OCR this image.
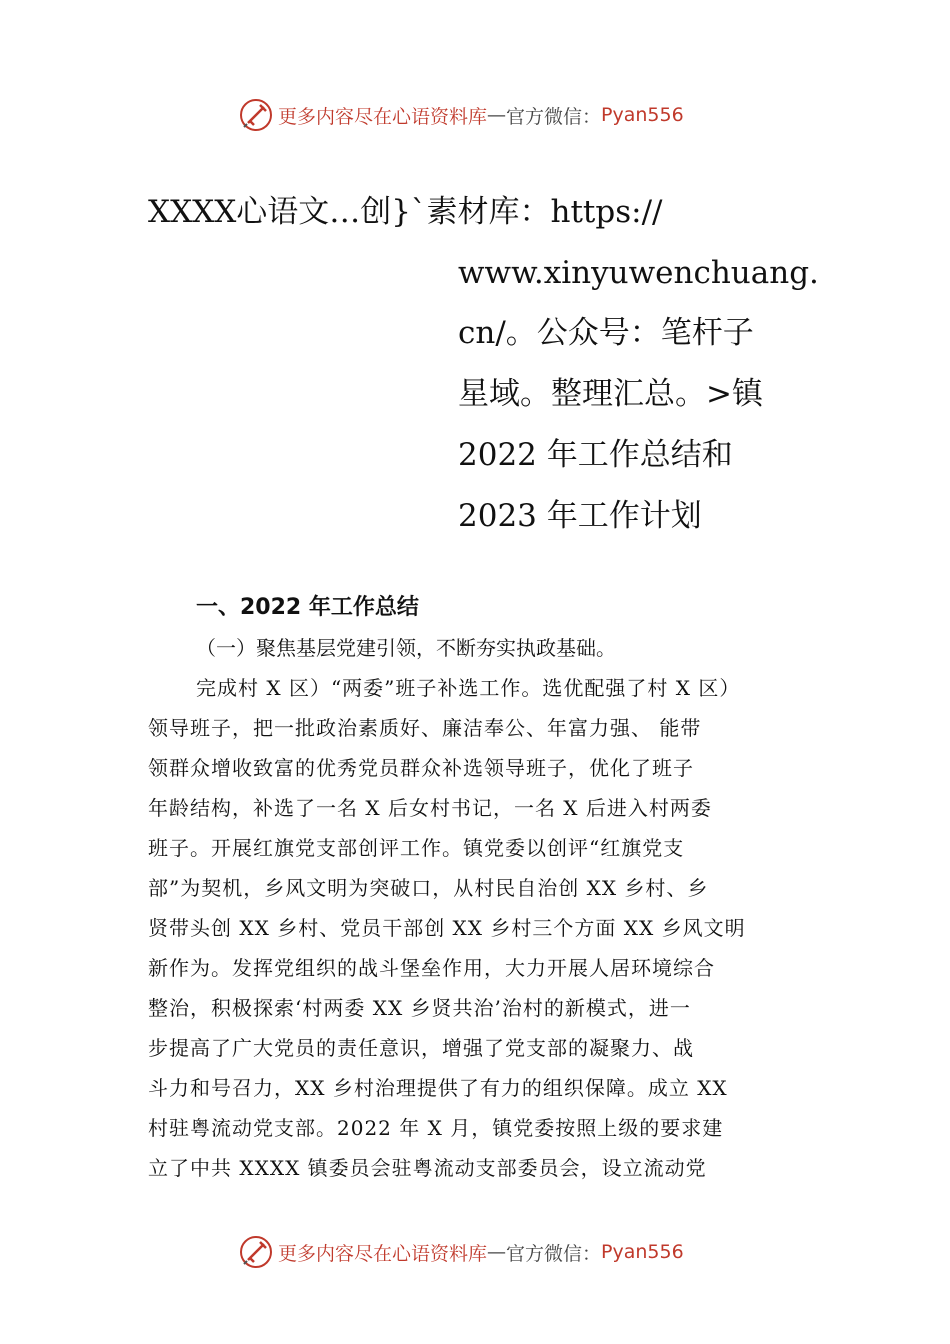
更多内容尽在心语资料库 — 官方微信： Pyan556
XXXX心语文…创}`素材库：https://
www.xinyuwenchuang.
cn/。公众号：笔杆子
星域。整理汇总。>镇
2022 年工作总结和
2023 年工作计划
一、2022 年工作总结
（一）聚焦基层党建引领，不断夯实执政基础。
完成村 X 区）“两委”班子补选工作。选优配强了村 X 区）
领导班子，把一批政治素质好、廉洁奉公、年富力强、 能带
领群众增收致富的优秀党员群众补选领导班子，优化了班子
年龄结构，补选了一名 X 后女村书记，一名 X 后进入村两委
班子。开展红旗党支部创评工作。镇党委以创评“红旗党支
部”为契机，乡风文明为突破口，从村民自治创 XX 乡村、乡
贤带头创 XX 乡村、党员干部创 XX 乡村三个方面 XX 乡风文明
新作为。发挥党组织的战斗堡垒作用，大力开展人居环境综合
整治，积极探索‘村两委 XX 乡贤共治’治村的新模式，进一
步提高了广大党员的责任意识，增强了党支部的凝聚力、战
斗力和号召力，XX 乡村治理提供了有力的组织保障。成立 XX
村驻粤流动党支部。2022 年 X 月，镇党委按照上级的要求建
立了中共 XXXX 镇委员会驻粤流动支部委员会，设立流动党
更多内容尽在心语资料库 — 官方微信： Pyan556
